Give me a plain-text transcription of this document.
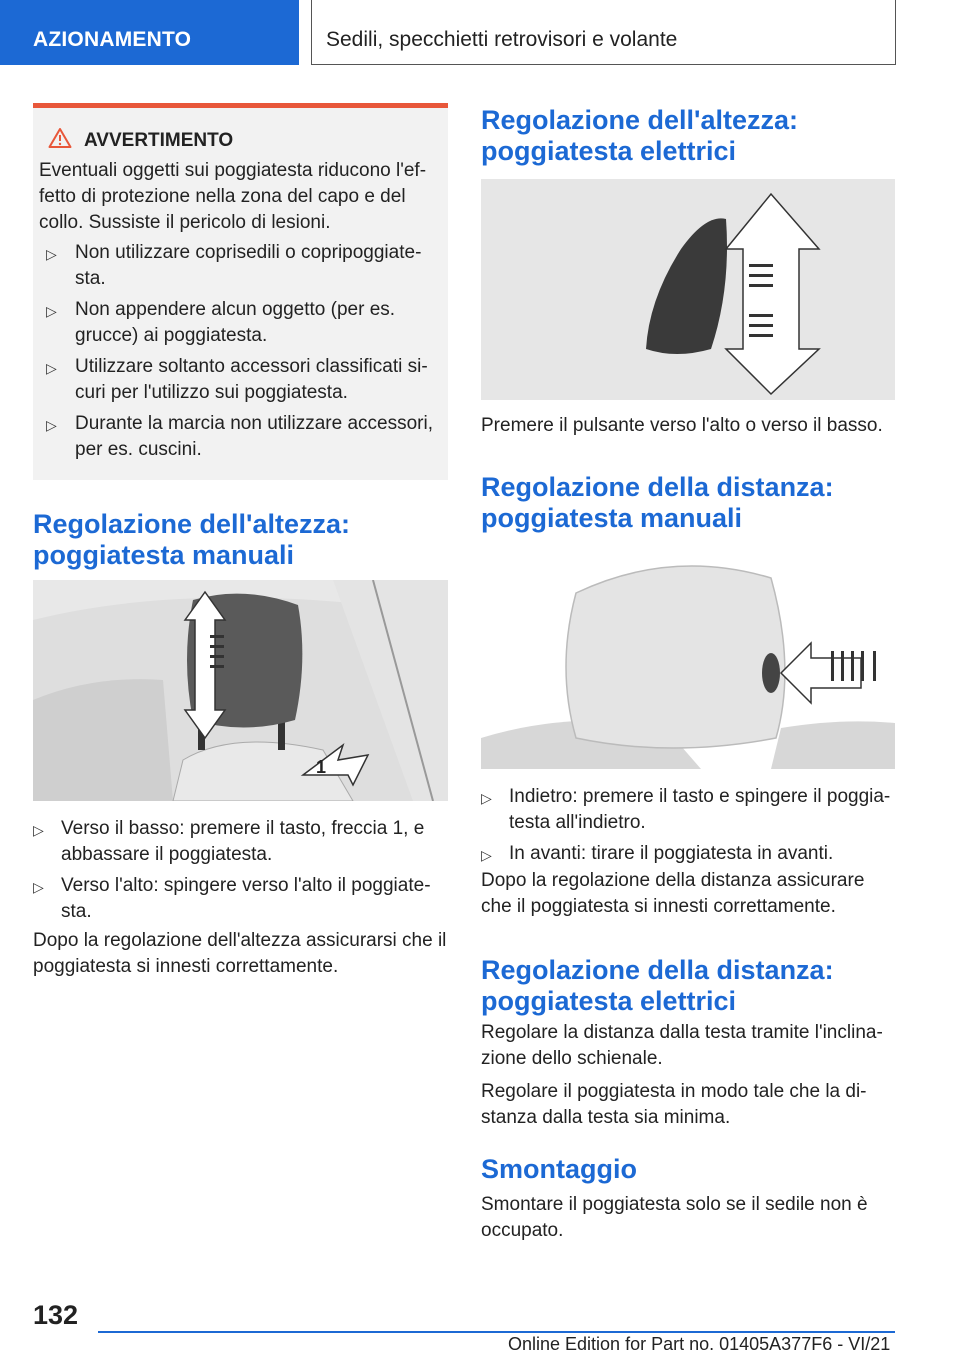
AZIONAMENTO	Sedili, specchietti retrovisori e volante
AVVERTIMENTO
Eventuali oggetti sui poggiatesta riducono l'ef-fetto di protezione nella zona del capo e del collo. Sussiste il pericolo di lesioni.
▷ Non utilizzare coprisedili o copripoggiate-sta.
▷ Non appendere alcun oggetto (per es. grucce) ai poggiatesta.
▷ Utilizzare soltanto accessori classificati si-curi per l'utilizzo sui poggiatesta.
▷ Durante la marcia non utilizzare accessori, per es. cuscini.
Regolazione dell'altezza:
poggiatesta manuali
1
▷ Verso il basso: premere il tasto, freccia 1, e abbassare il poggiatesta.
▷ Verso l'alto: spingere verso l'alto il poggiate-sta.

Dopo la regolazione dell'altezza assicurarsi che il poggiatesta si innesti correttamente.

Regolazione dell'altezza:
poggiatesta elettrici

Premere il pulsante verso l'alto o verso il basso.

Regolazione della distanza:
poggiatesta manuali
▷ Indietro: premere il tasto e spingere il poggia-testa all'indietro.
▷ In avanti: tirare il poggiatesta in avanti.

Dopo la regolazione della distanza assicurare che il poggiatesta si innesti correttamente.

Regolazione della distanza:
poggiatesta elettrici

Regolare la distanza dalla testa tramite l'inclina-zione dello schienale.

Regolare il poggiatesta in modo tale che la di-stanza dalla testa sia minima.

Smontaggio

Smontare il poggiatesta solo se il sedile non è occupato.

132
Online Edition for Part no. 01405A377F6 - VI/21
